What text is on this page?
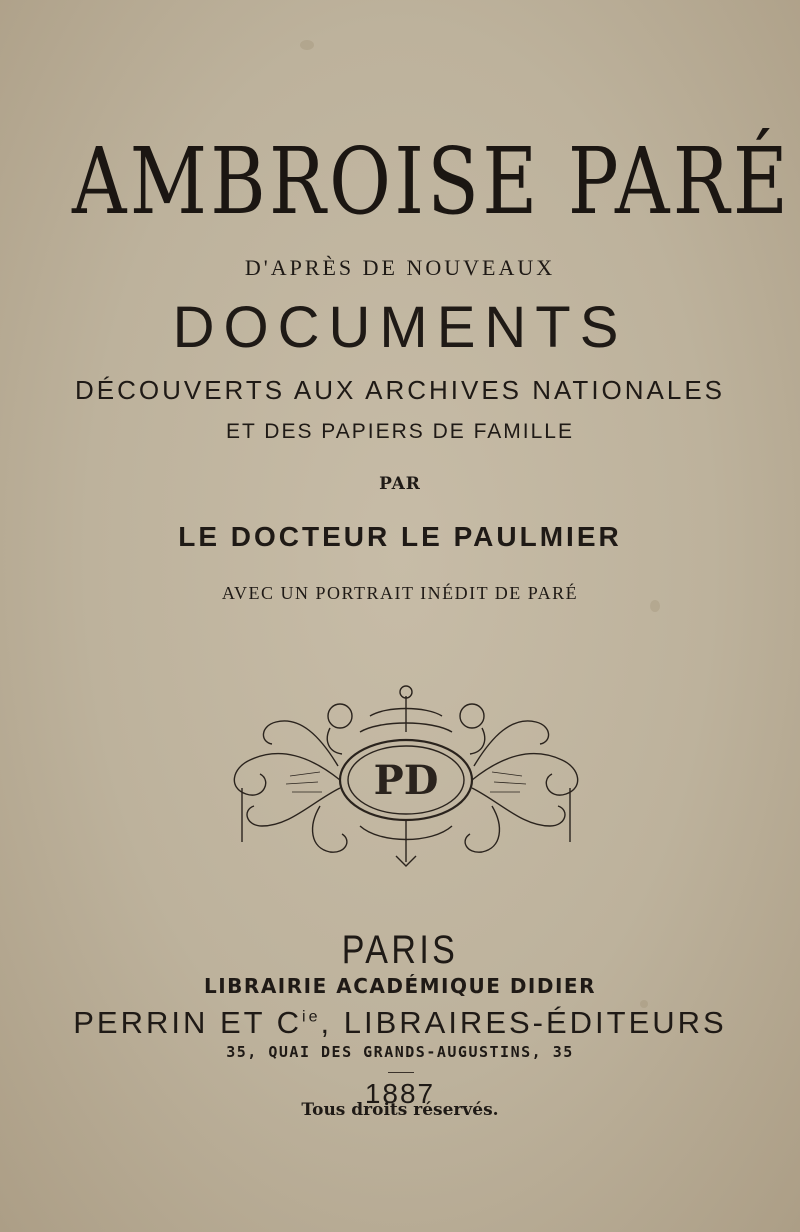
AMBROISE PARÉ
D'APRÈS DE NOUVEAUX
DOCUMENTS
DÉCOUVERTS AUX ARCHIVES NATIONALES
ET DES PAPIERS DE FAMILLE
PAR
LE DOCTEUR LE PAULMIER
AVEC UN PORTRAIT INÉDIT DE PARÉ
PD
PARIS
LIBRAIRIE ACADÉMIQUE DIDIER
PERRIN ET $C^{ie}$, LIBRAIRES-ÉDITEURS
35, QUAI DES GRANDS-AUGUSTINS, 35
1887
Tous droits réservés.
